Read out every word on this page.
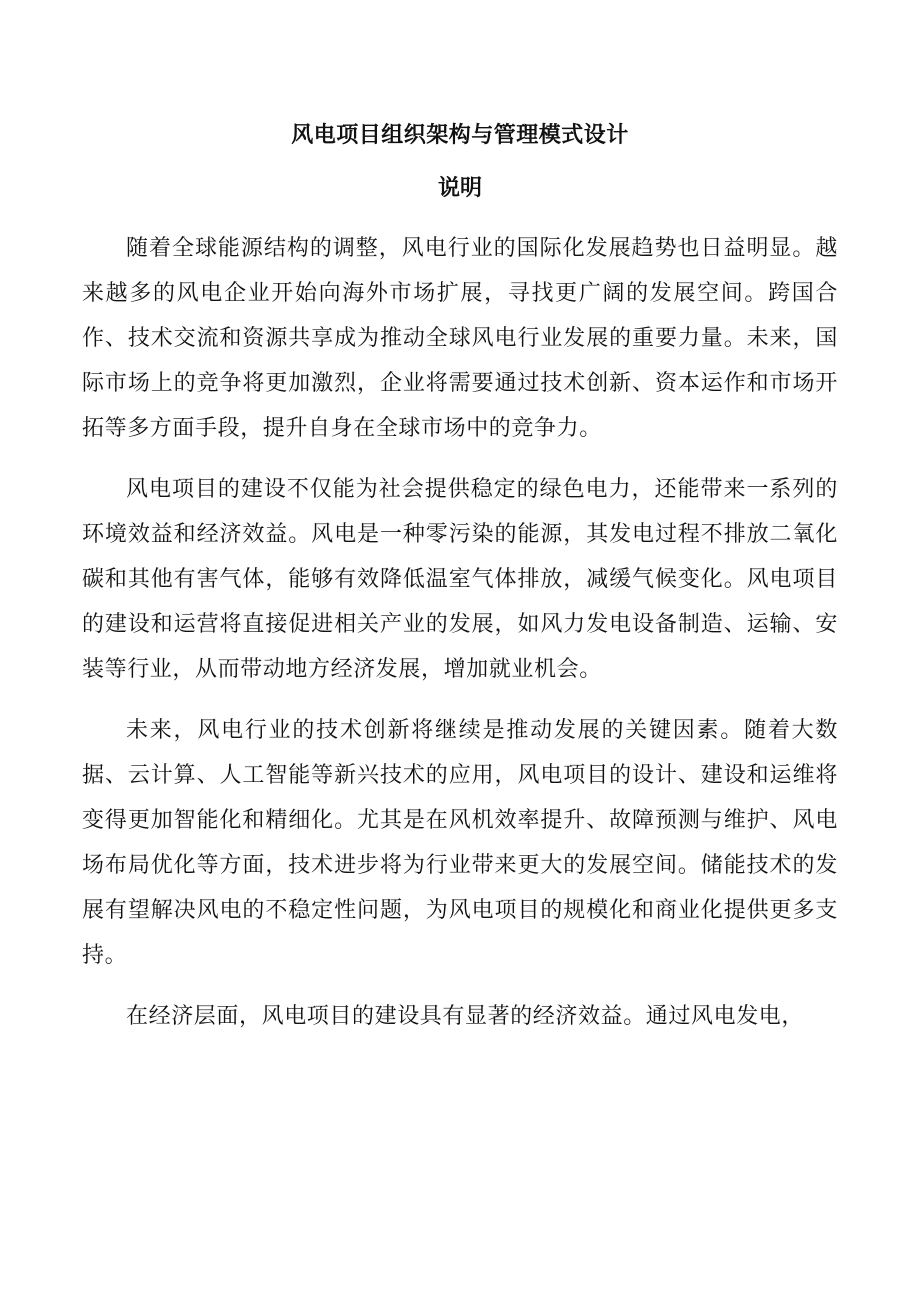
风电项目组织架构与管理模式设计
说明

随着全球能源结构的调整，风电行业的国际化发展趋势也日益明显。越来越多的风电企业开始向海外市场扩展，寻找更广阔的发展空间。跨国合作、技术交流和资源共享成为推动全球风电行业发展的重要力量。未来，国际市场上的竞争将更加激烈，企业将需要通过技术创新、资本运作和市场开拓等多方面手段，提升自身在全球市场中的竞争力。

风电项目的建设不仅能为社会提供稳定的绿色电力，还能带来一系列的环境效益和经济效益。风电是一种零污染的能源，其发电过程不排放二氧化碳和其他有害气体，能够有效降低温室气体排放，减缓气候变化。风电项目的建设和运营将直接促进相关产业的发展，如风力发电设备制造、运输、安装等行业，从而带动地方经济发展，增加就业机会。

未来，风电行业的技术创新将继续是推动发展的关键因素。随着大数据、云计算、人工智能等新兴技术的应用，风电项目的设计、建设和运维将变得更加智能化和精细化。尤其是在风机效率提升、故障预测与维护、风电场布局优化等方面，技术进步将为行业带来更大的发展空间。储能技术的发展有望解决风电的不稳定性问题，为风电项目的规模化和商业化提供更多支持。

在经济层面，风电项目的建设具有显著的经济效益。通过风电发电，
